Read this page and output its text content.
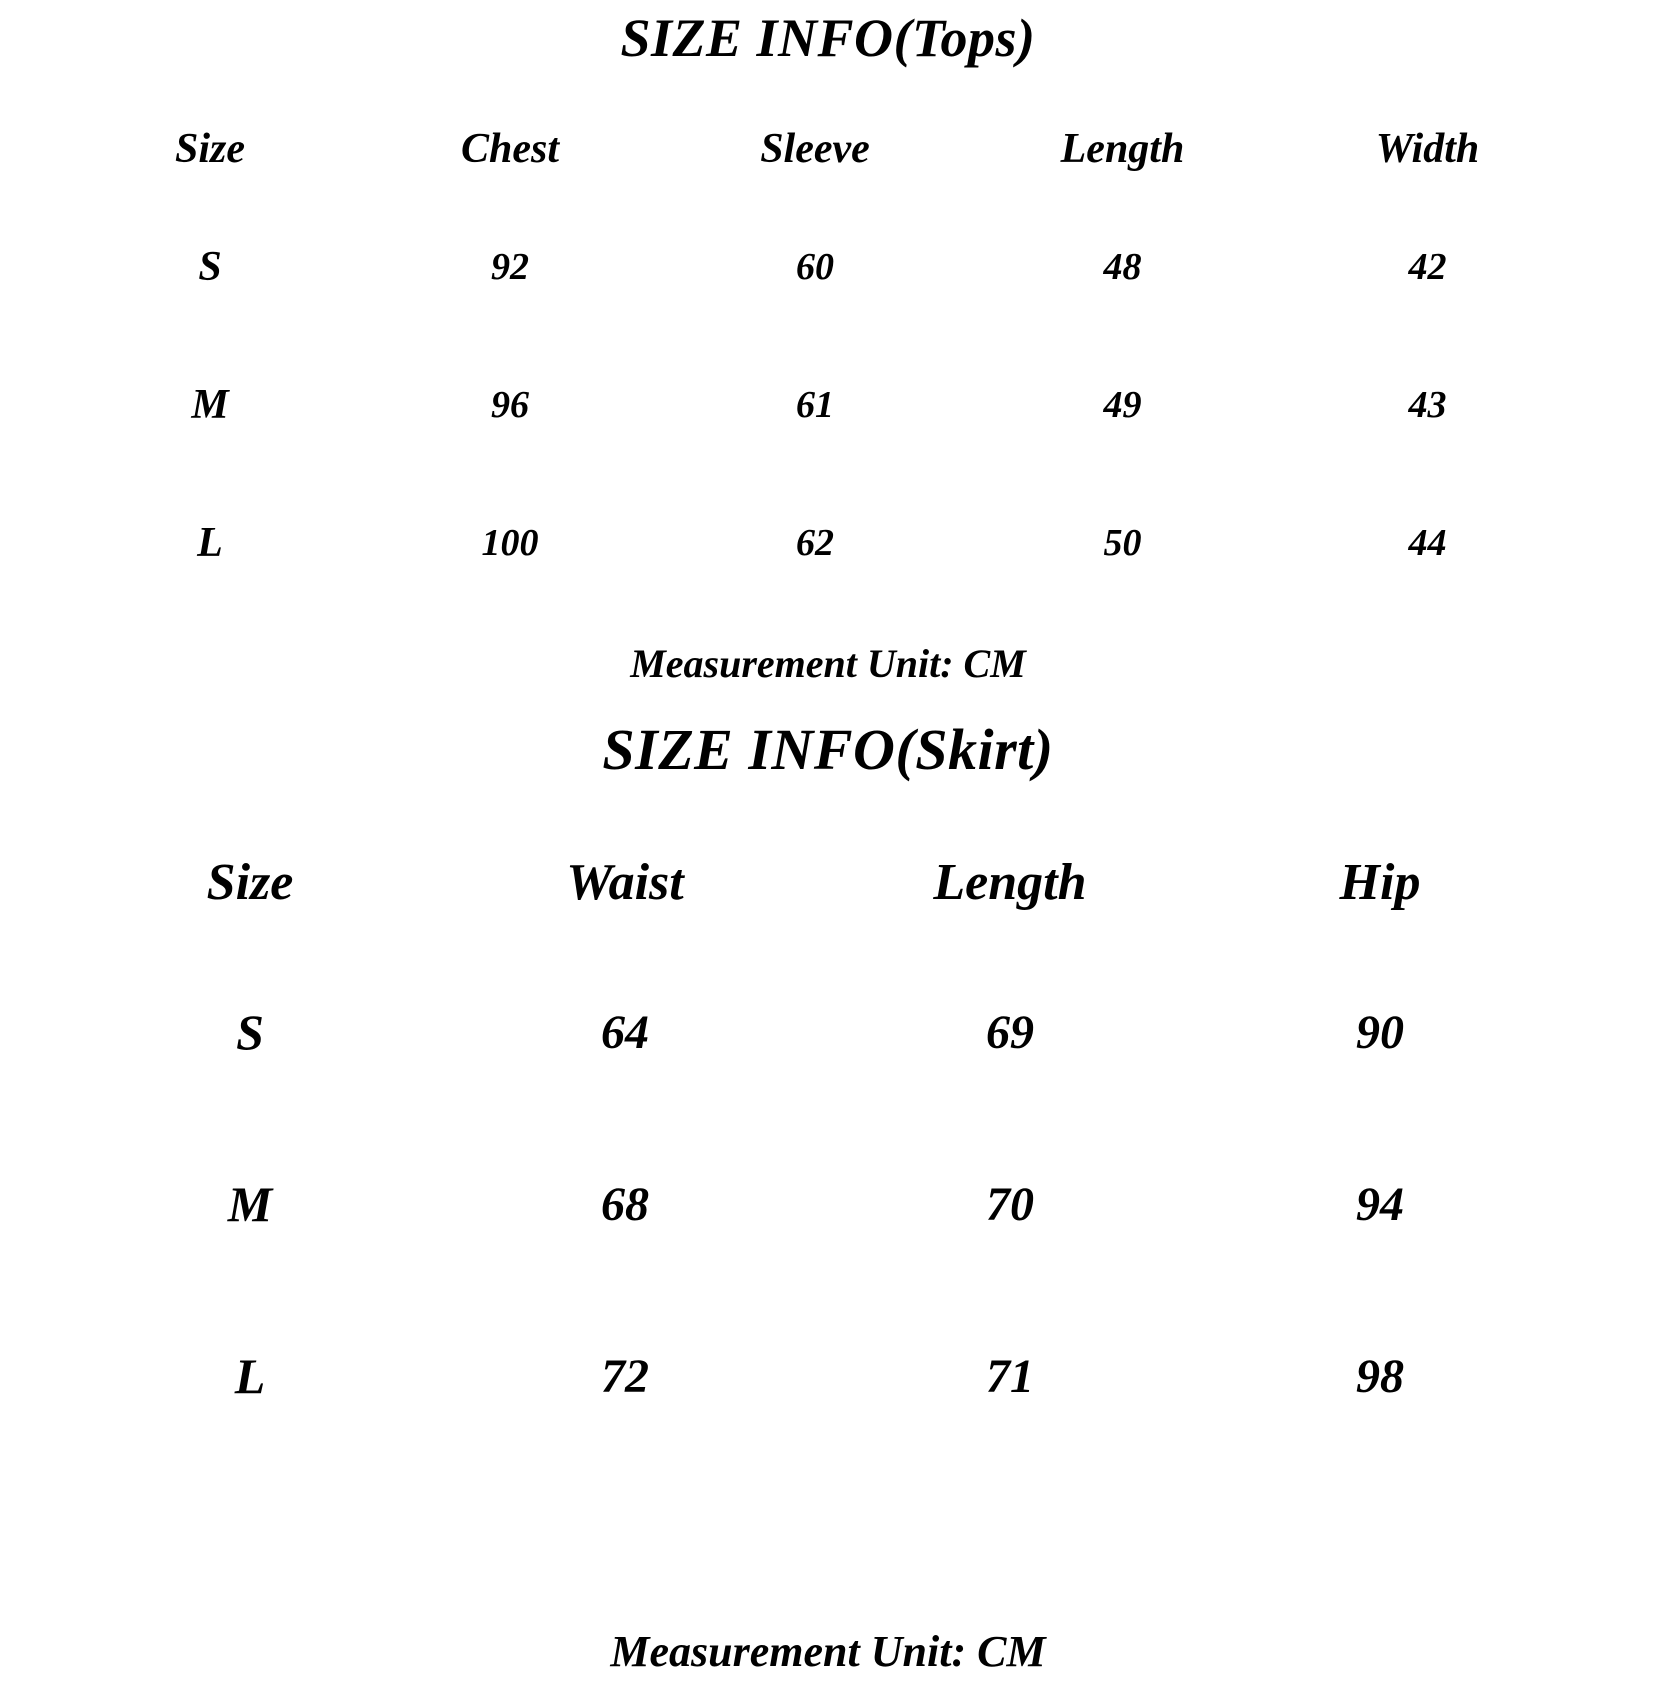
SIZE INFO(Tops)
Size	Chest	Sleeve	Length	Width
S	92	60	48	42
M	96	61	49	43
L	100	62	50	44
Measurement Unit: CM
SIZE INFO(Skirt)
Size	Waist	Length	Hip
S	64	69	90
M	68	70	94
L	72	71	98
Measurement Unit: CM
